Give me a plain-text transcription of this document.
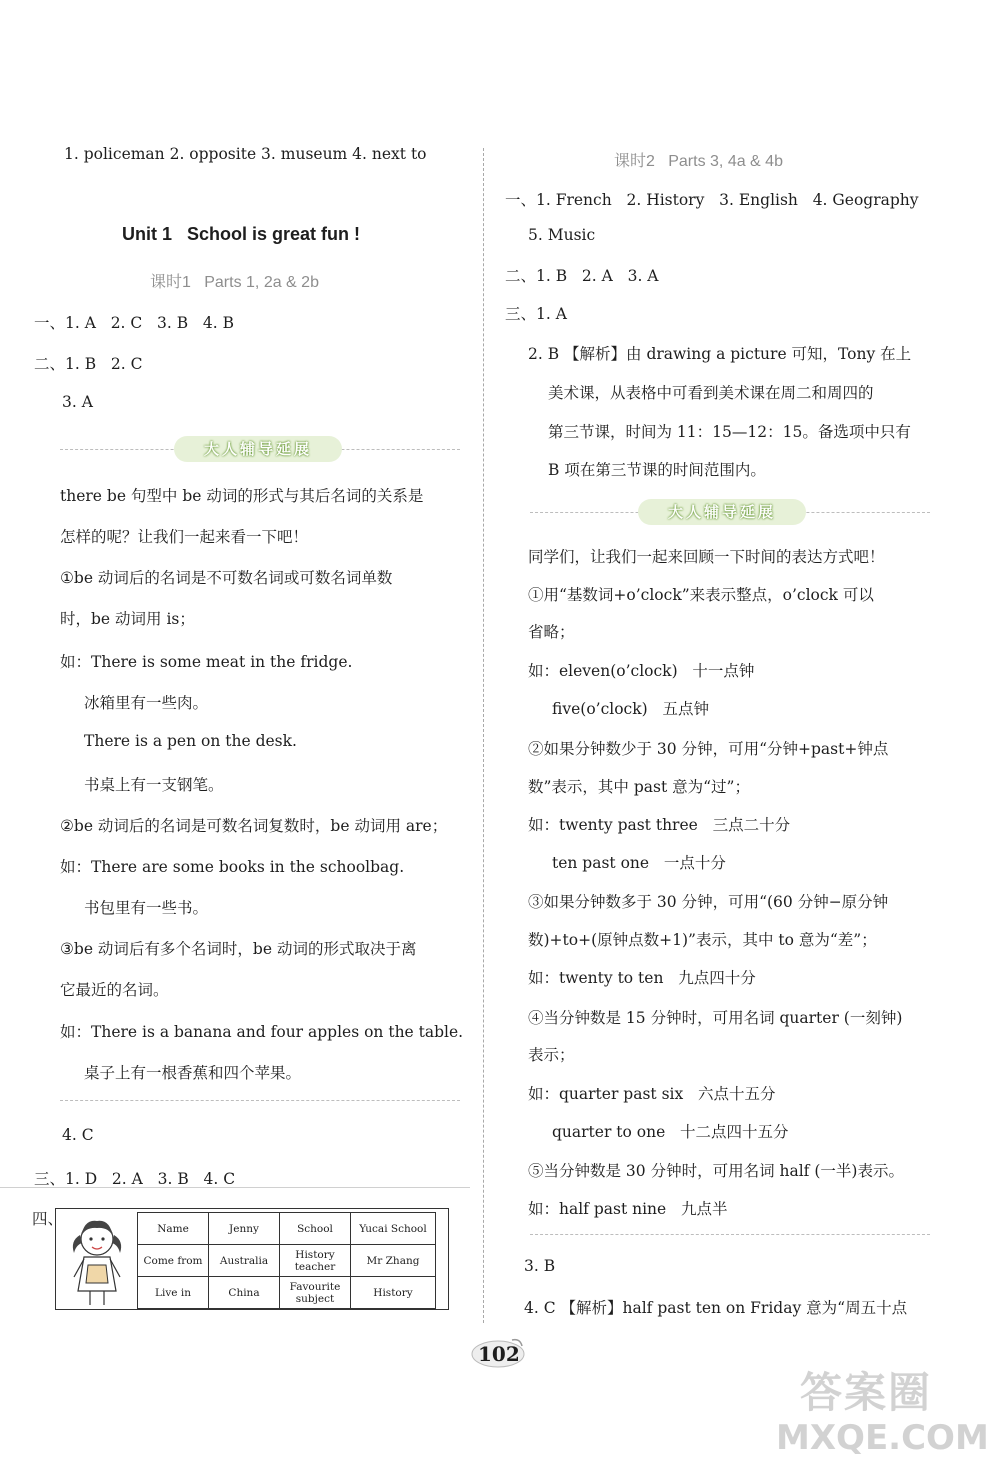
1. policeman 2. opposite 3. museum 4. next to
Unit 1   School is great fun !
课时1   Parts 1, 2a & 2b
一、1. A   2. C   3. B   4. B
二、1. B   2. C
3. A
大人辅导延展
there be 句型中 be 动词的形式与其后名词的关系是
怎样的呢？让我们一起来看一下吧！
①be 动词后的名词是不可数名词或可数名词单数
时，be 动词用 is；
如：There is some meat in the fridge.
冰箱里有一些肉。
There is a pen on the desk.
书桌上有一支钢笔。
②be 动词后的名词是可数名词复数时，be 动词用 are；
如：There are some books in the schoolbag.
书包里有一些书。
③be 动词后有多个名词时，be 动词的形式取决于离
它最近的名词。
如：There is a banana and four apples on the table.
桌子上有一根香蕉和四个苹果。
4. C
三、1. D   2. A   3. B   4. C
四、
Name	Jenny	School	Yucai School
Come from	Australia	History teacher	Mr Zhang
Live in	China	Favourite subject	History
课时2   Parts 3, 4a & 4b
一、1. French   2. History   3. English   4. Geography
5. Music
二、1. B   2. A   3. A
三、1. A
2. B 【解析】由 drawing a picture 可知，Tony 在上
美术课，从表格中可看到美术课在周二和周四的
第三节课，时间为 11：15—12：15。备选项中只有
B 项在第三节课的时间范围内。
大人辅导延展
同学们，让我们一起来回顾一下时间的表达方式吧！
①用“基数词+o’clock”来表示整点，o’clock 可以
省略；
如：eleven(o’clock)   十一点钟
five(o’clock)   五点钟
②如果分钟数少于 30 分钟，可用“分钟+past+钟点
数”表示，其中 past 意为“过”；
如：twenty past three   三点二十分
ten past one   一点十分
③如果分钟数多于 30 分钟，可用“(60 分钟−原分钟
数)+to+(原钟点数+1)”表示，其中 to 意为“差”；
如：twenty to ten   九点四十分
④当分钟数是 15 分钟时，可用名词 quarter (一刻钟)
表示；
如：quarter past six   六点十五分
quarter to one   十二点四十五分
⑤当分钟数是 30 分钟时，可用名词 half (一半)表示。
如：half past nine   九点半
3. B
4. C 【解析】half past ten on Friday 意为“周五十点
102
答案圈
MXQE.COM
